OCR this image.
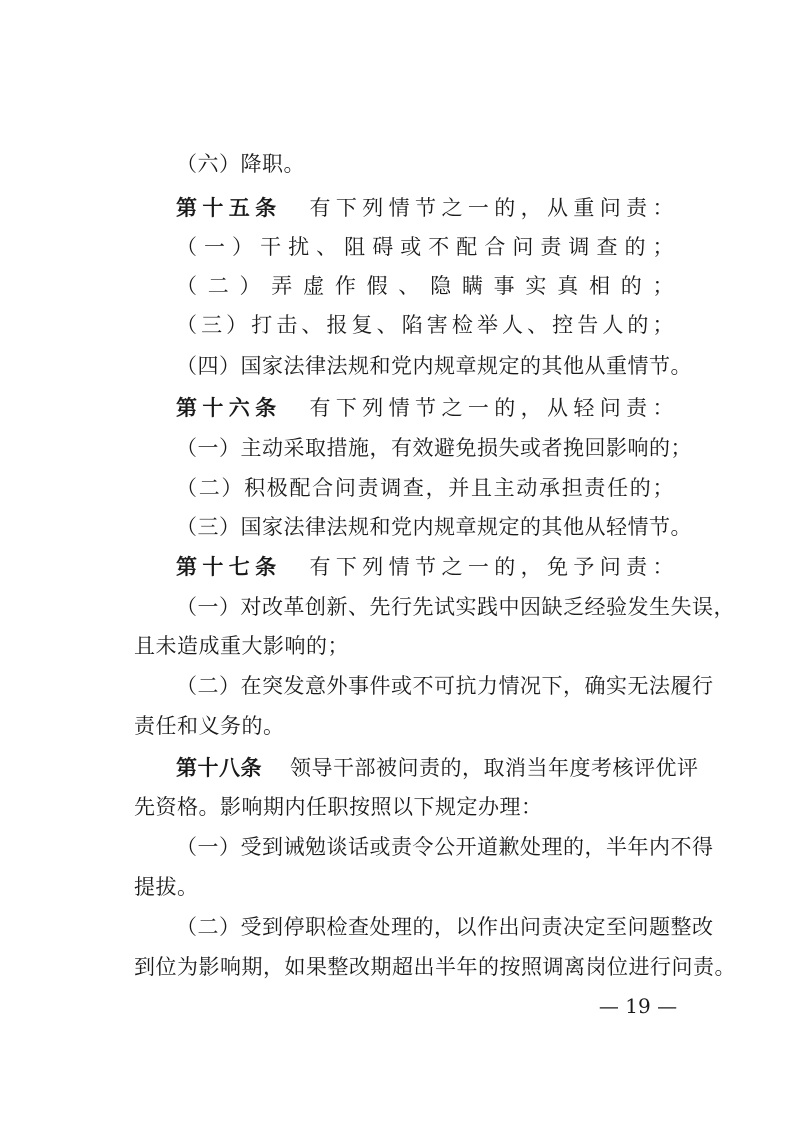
（六）降职。
第十五条 有下列情节之一的，从重问责：
（一）干扰、阻碍或不配合问责调查的；
（二）弄虚作假、隐瞒事实真相的；
（三）打击、报复、陷害检举人、控告人的；
（四）国家法律法规和党内规章规定的其他从重情节。
第十六条 有下列情节之一的，从轻问责：
（一）主动采取措施，有效避免损失或者挽回影响的；
（二）积极配合问责调查，并且主动承担责任的；
（三）国家法律法规和党内规章规定的其他从轻情节。
第十七条 有下列情节之一的，免予问责：
（一）对改革创新、先行先试实践中因缺乏经验发生失误，
且未造成重大影响的；
（二）在突发意外事件或不可抗力情况下，确实无法履行
责任和义务的。
第十八条 领导干部被问责的，取消当年度考核评优评
先资格。影响期内任职按照以下规定办理：
（一）受到诫勉谈话或责令公开道歉处理的，半年内不得
提拔。
（二）受到停职检查处理的，以作出问责决定至问题整改
到位为影响期，如果整改期超出半年的按照调离岗位进行问责。
— 19 —
